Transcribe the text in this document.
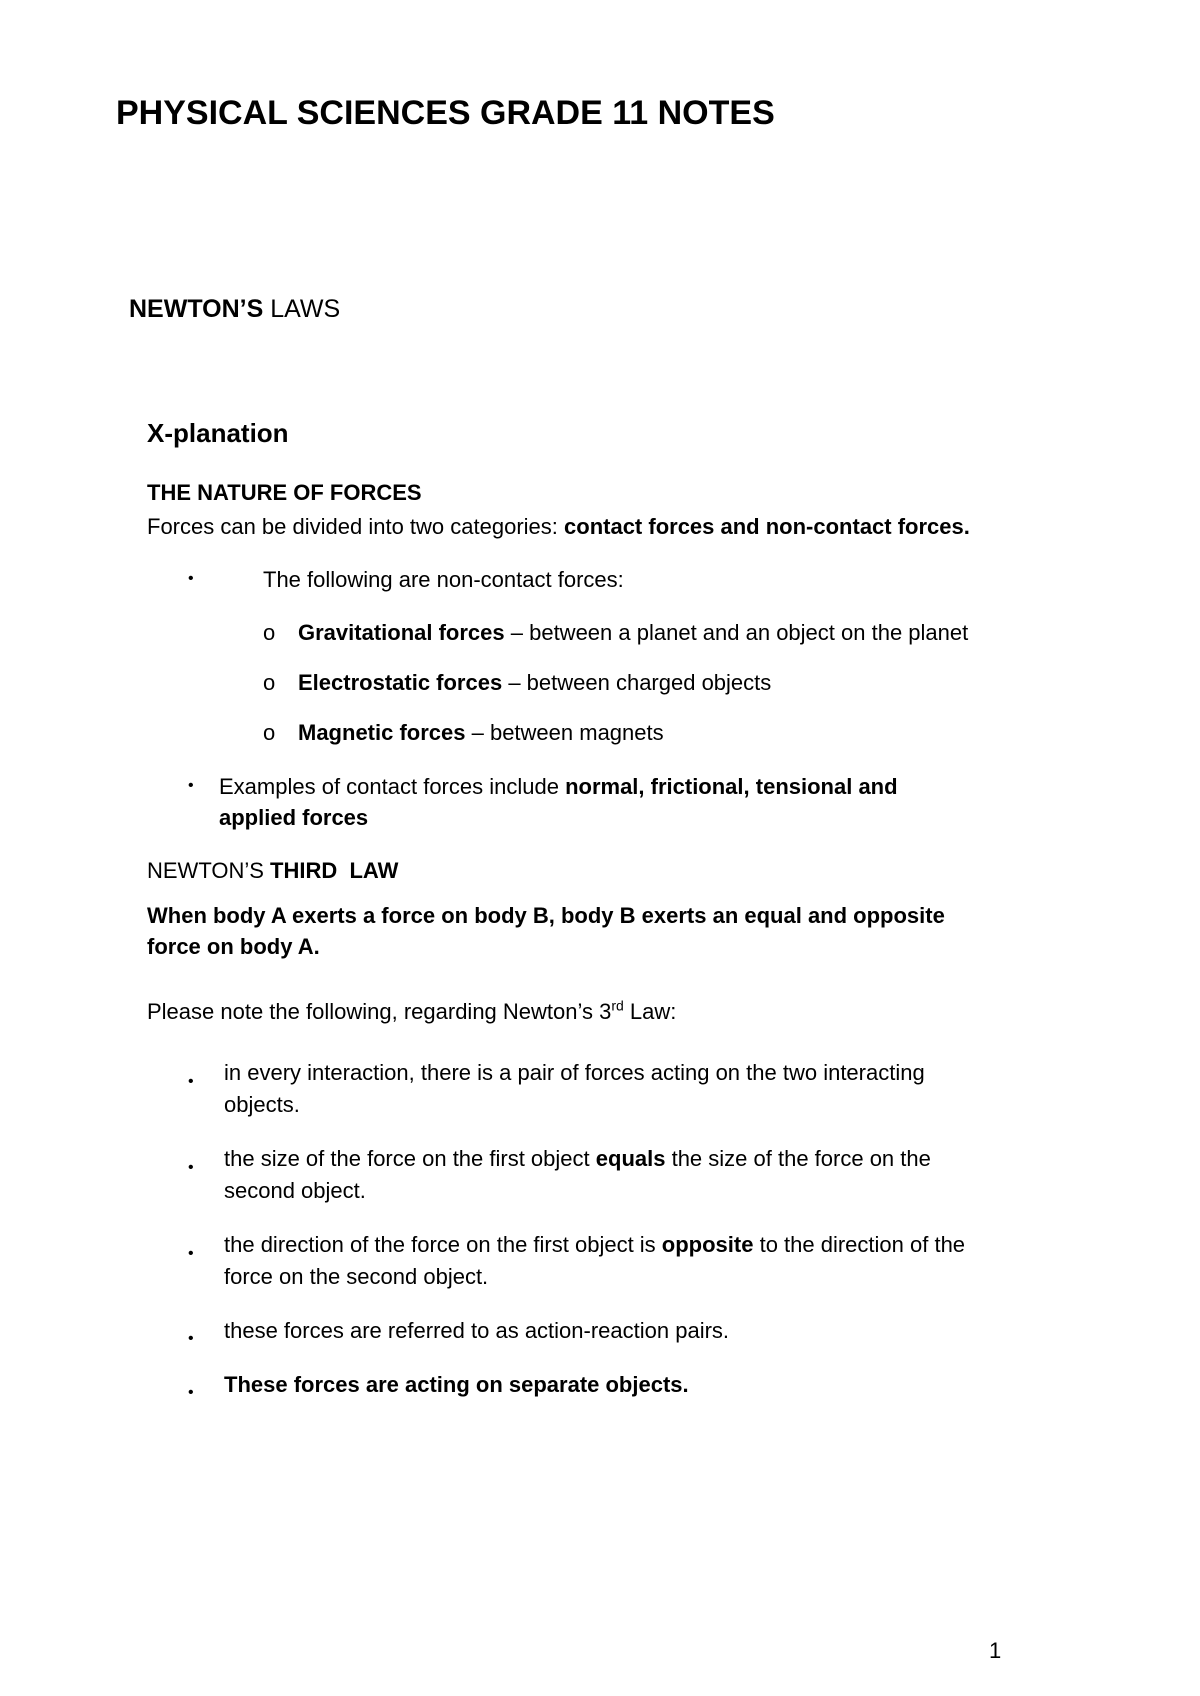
PHYSICAL SCIENCES GRADE 11 NOTES
NEWTON’S LAWS
X-planation
THE NATURE OF FORCES
Forces can be divided into two categories: contact forces and non-contact forces.
•	The following are non-contact forces:
o Gravitational forces – between a planet and an object on the planet
o Electrostatic forces – between charged objects
o Magnetic forces – between magnets
• Examples of contact forces include normal, frictional, tensional and
applied forces
NEWTON’S THIRD  LAW
When body A exerts a force on body B, body B exerts an equal and opposite
force on body A.
Please note the following, regarding Newton’s 3rd Law:
• in every interaction, there is a pair of forces acting on the two interacting
objects.
• the size of the force on the first object equals the size of the force on the
second object.
• the direction of the force on the first object is opposite to the direction of the
force on the second object.
• these forces are referred to as action-reaction pairs.
• These forces are acting on separate objects.
1
